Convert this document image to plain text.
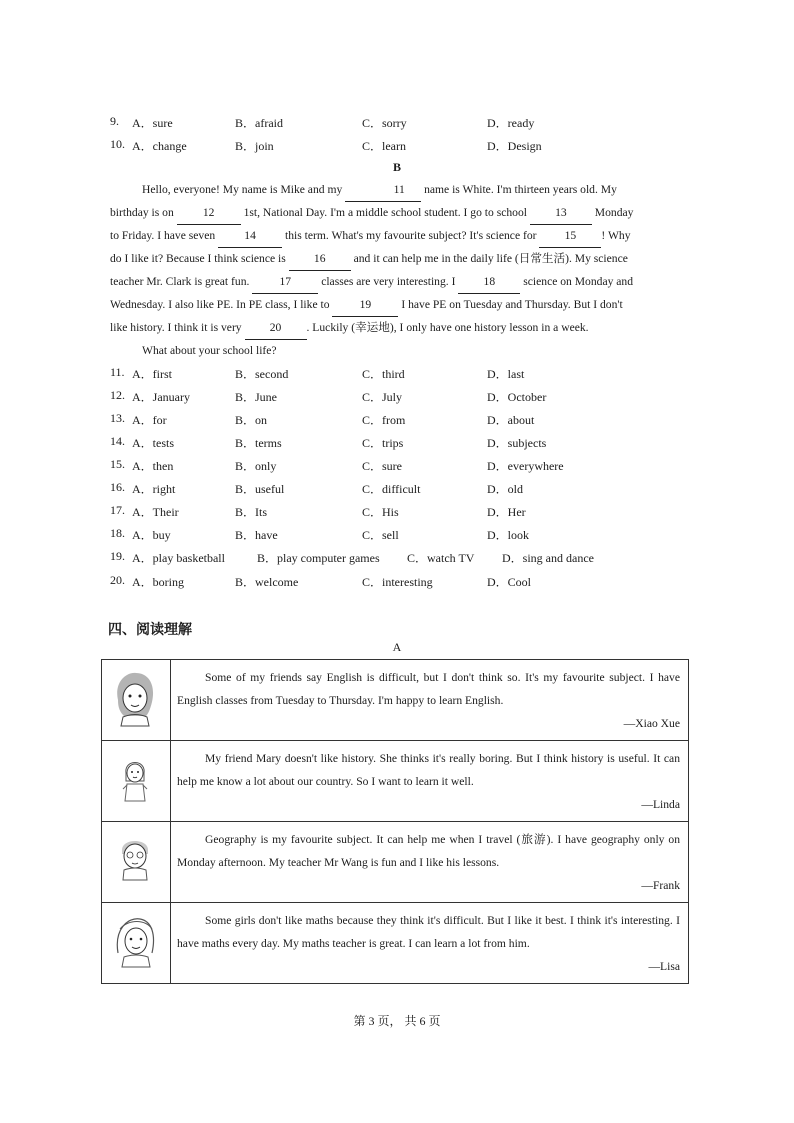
9. A．sure	B．afraid	C．sorry	D．ready
10. A．change	B．join	C．learn	D．Design
B
Hello, everyone! My name is Mike and my	11 name is White. I'm thirteen years old. My
birthday is on 12 1st, National Day. I'm a middle school student. I go to school 13 Monday
to Friday. I have seven 14 this term. What's my favourite subject? It's science for 15 ! Why
do I like it? Because I think science is 16 and it can help me in the daily life (日常生活). My science
teacher Mr. Clark is great fun. 17 classes are very interesting. I 18 science on Monday and
Wednesday. I also like PE. In PE class, I like to 19 I have PE on Tuesday and Thursday. But I don't
like history. I think it is very 20 . Luckily (幸运地), I only have one history lesson in a week.
What about your school life?
11. A．first	B．second	C．third	D．last
12. A．January	B．June	C．July	D．October
13. A．for	B．on	C．from	D．about
14. A．tests	B．terms	C．trips	D．subjects
15. A．then	B．only	C．sure	D．everywhere
16. A．right	B．useful	C．difficult	D．old
17. A．Their	B．Its	C．His	D．Her
18. A．buy	B．have	C．sell	D．look
19. A．play basketball	B．play computer games C．watch TV D．sing and dance
20. A．boring	B．welcome	C．interesting	D．Cool
四、阅读理解
A

Some of my friends say English is difficult, but I don't think so. It's my favourite subject. I have English classes from Tuesday to Thursday. I'm happy to learn English.
—Xiao Xue

My friend Mary doesn't like history. She thinks it's really boring. But I think history is useful. It can help me know a lot about our country. So I want to learn it well.
—Linda

Geography is my favourite subject. It can help me when I travel (旅游). I have geography only on Monday afternoon. My teacher Mr Wang is fun and I like his lessons.
—Frank

Some girls don't like maths because they think it's difficult. But I like it best. I think it's interesting. I have maths every day. My maths teacher is great. I can learn a lot from him.
—Lisa
第 3 页， 共 6 页
